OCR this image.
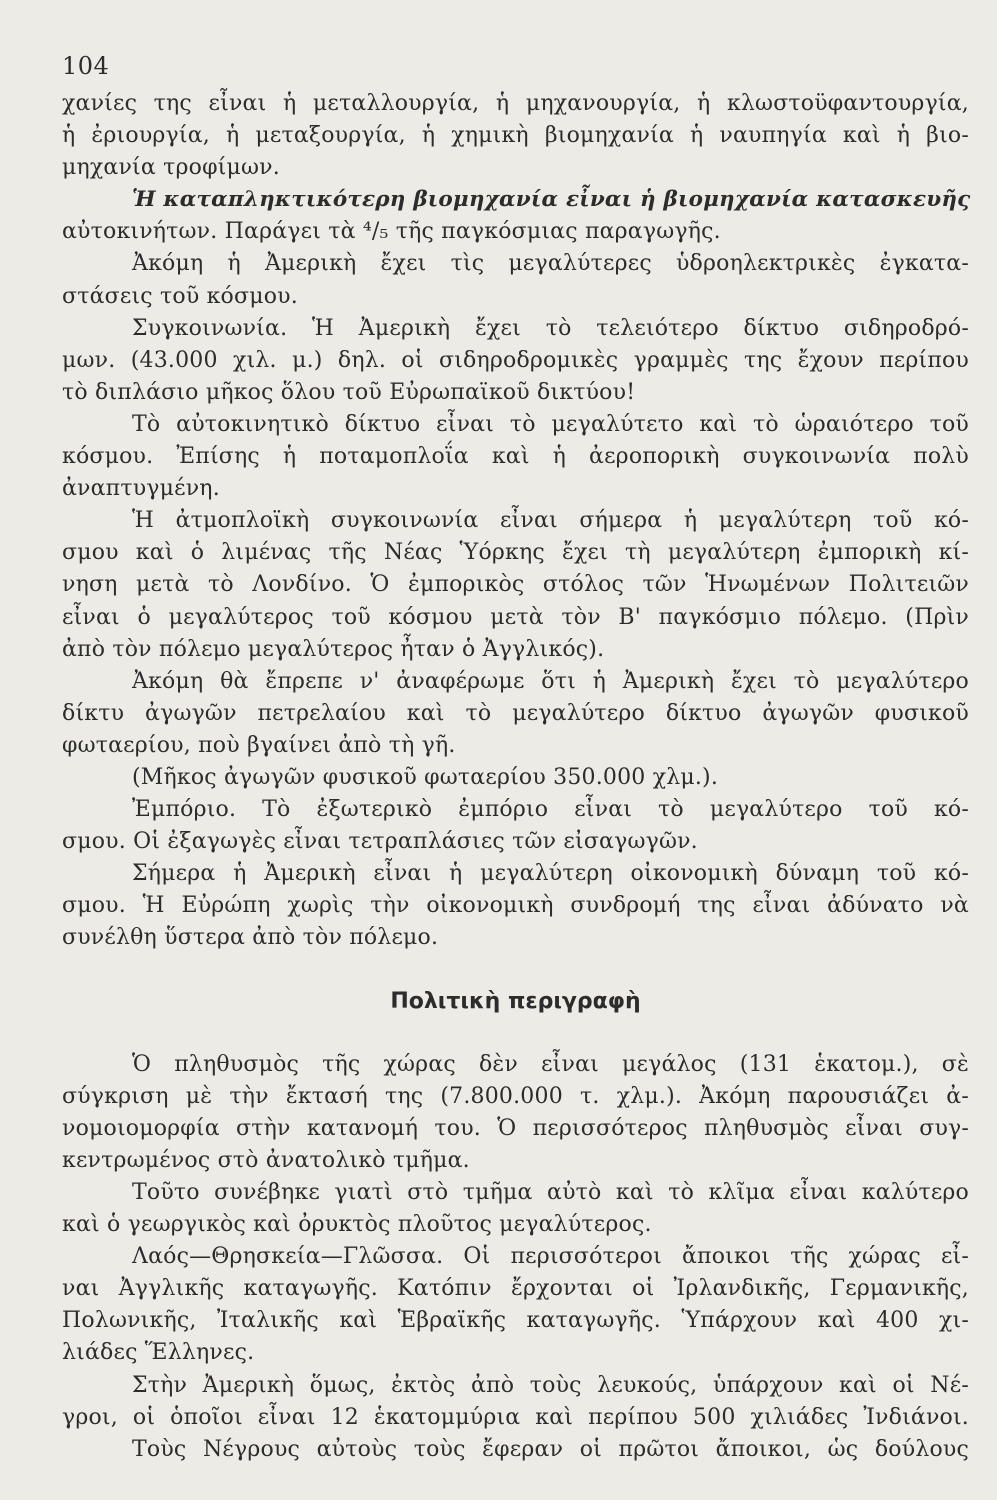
104
χανίες της εἶναι ἡ μεταλλουργία, ἡ μηχανουργία, ἡ κλωστοϋφαντουργία,
ἡ ἐριουργία, ἡ μεταξουργία, ἡ χημικὴ βιομηχανία ἡ ναυπηγία καὶ ἡ βιο-
μηχανία τροφίμων.
Ἡ καταπληκτικότερη βιομηχανία εἶναι ἡ βιομηχανία κατασκευῆς
αὐτοκινήτων. Παράγει τὰ ⁴/₅ τῆς παγκόσμιας παραγωγῆς.
Ἀκόμη ἡ Ἀμερικὴ ἔχει τὶς μεγαλύτερες ὑδροηλεκτρικὲς ἐγκατα-
στάσεις τοῦ κόσμου.
Συγκοινωνία. Ἡ Ἀμερικὴ ἔχει τὸ τελειότερο δίκτυο σιδηροδρό-
μων. (43.000 χιλ. μ.) δηλ. οἱ σιδηροδρομικὲς γραμμὲς της ἔχουν περίπου
τὸ διπλάσιο μῆκος ὅλου τοῦ Εὐρωπαϊκοῦ δικτύου!
Τὸ αὐτοκινητικὸ δίκτυο εἶναι τὸ μεγαλύτετο καὶ τὸ ὡραιότερο τοῦ
κόσμου. Ἐπίσης ἡ ποταμοπλοΐα καὶ ἡ ἀεροπορικὴ συγκοινωνία πολὺ
ἀναπτυγμένη.
Ἡ ἀτμοπλοϊκὴ συγκοινωνία εἶναι σήμερα ἡ μεγαλύτερη τοῦ κό-
σμου καὶ ὁ λιμένας τῆς Νέας Ὑόρκης ἔχει τὴ μεγαλύτερη ἐμπορικὴ κί-
νηση μετὰ τὸ Λονδίνο. Ὁ ἐμπορικὸς στόλος τῶν Ἡνωμένων Πολιτειῶν
εἶναι ὁ μεγαλύτερος τοῦ κόσμου μετὰ τὸν Β' παγκόσμιο πόλεμο. (Πρὶν
ἀπὸ τὸν πόλεμο μεγαλύτερος ἦταν ὁ Ἀγγλικός).
Ἀκόμη θὰ ἔπρεπε ν' ἀναφέρωμε ὅτι ἡ Ἀμερικὴ ἔχει τὸ μεγαλύτερο
δίκτυ ἀγωγῶν πετρελαίου καὶ τὸ μεγαλύτερο δίκτυο ἀγωγῶν φυσικοῦ
φωταερίου, ποὺ βγαίνει ἀπὸ τὴ γῆ.
(Μῆκος ἀγωγῶν φυσικοῦ φωταερίου 350.000 χλμ.).
Ἐμπόριο. Τὸ ἐξωτερικὸ ἐμπόριο εἶναι τὸ μεγαλύτερο τοῦ κό-
σμου. Οἱ ἐξαγωγὲς εἶναι τετραπλάσιες τῶν εἰσαγωγῶν.
Σήμερα ἡ Ἀμερικὴ εἶναι ἡ μεγαλύτερη οἰκονομικὴ δύναμη τοῦ κό-
σμου. Ἡ Εὐρώπη χωρὶς τὴν οἰκονομικὴ συνδρομή της εἶναι ἀδύνατο νὰ
συνέλθη ὕστερα ἀπὸ τὸν πόλεμο.
Πολιτικὴ περιγραφὴ
Ὁ πληθυσμὸς τῆς χώρας δὲν εἶναι μεγάλος (131 ἑκατομ.), σὲ
σύγκριση μὲ τὴν ἔκτασή της (7.800.000 τ. χλμ.). Ἀκόμη παρουσιάζει ἀ-
νομοιομορφία στὴν κατανομή του. Ὁ περισσότερος πληθυσμὸς εἶναι συγ-
κεντρωμένος στὸ ἀνατολικὸ τμῆμα.
Τοῦτο συνέβηκε γιατὶ στὸ τμῆμα αὐτὸ καὶ τὸ κλῖμα εἶναι καλύτερο
καὶ ὁ γεωργικὸς καὶ ὀρυκτὸς πλοῦτος μεγαλύτερος.
Λαός—Θρησκεία—Γλῶσσα. Οἱ περισσότεροι ἄποικοι τῆς χώρας εἶ-
ναι Ἀγγλικῆς καταγωγῆς. Κατόπιν ἔρχονται οἱ Ἰρλανδικῆς, Γερμανικῆς,
Πολωνικῆς, Ἰταλικῆς καὶ Ἑβραϊκῆς καταγωγῆς. Ὑπάρχουν καὶ 400 χι-
λιάδες Ἕλληνες.
Στὴν Ἀμερικὴ ὅμως, ἐκτὸς ἀπὸ τοὺς λευκούς, ὑπάρχουν καὶ οἱ Νέ-
γροι, οἱ ὁποῖοι εἶναι 12 ἑκατομμύρια καὶ περίπου 500 χιλιάδες Ἰνδιάνοι.
Τοὺς Νέγρους αὐτοὺς τοὺς ἔφεραν οἱ πρῶτοι ἄποικοι, ὡς δούλους
